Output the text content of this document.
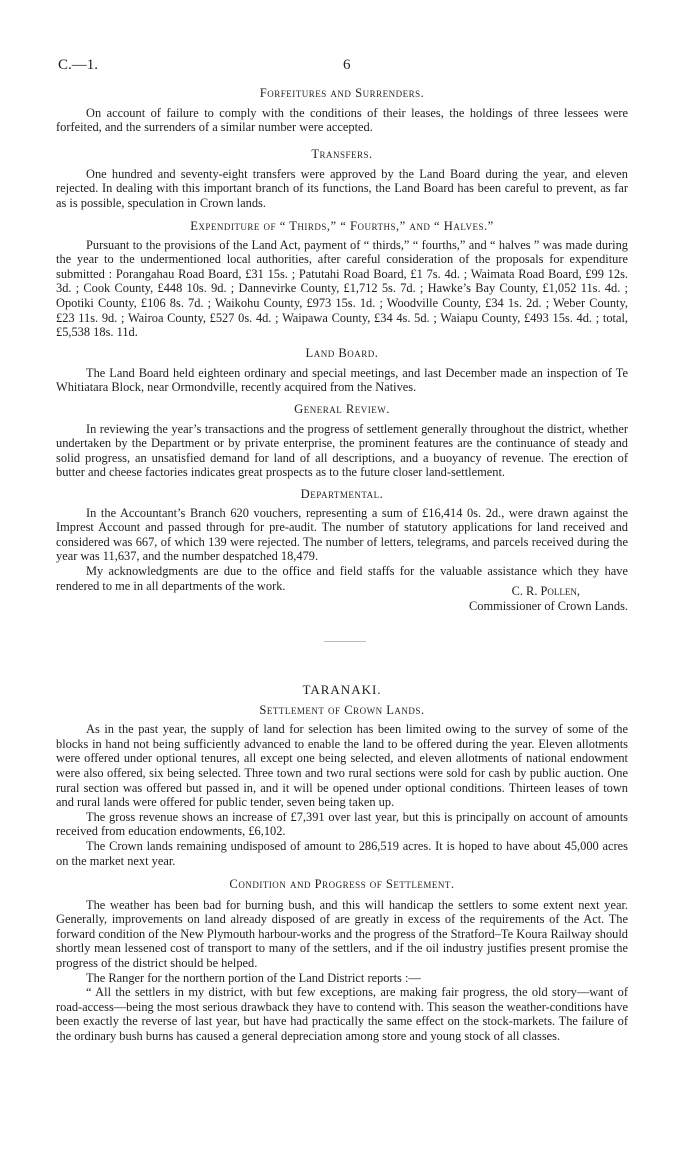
C.—1.	6

Forfeitures and Surrenders.

On account of failure to comply with the conditions of their leases, the holdings of three lessees were forfeited, and the surrenders of a similar number were accepted.

Transfers.

One hundred and seventy-eight transfers were approved by the Land Board during the year, and eleven rejected. In dealing with this important branch of its functions, the Land Board has been careful to prevent, as far as is possible, speculation in Crown lands.

Expenditure of “ Thirds,” “ Fourths,” and “ Halves.”

Pursuant to the provisions of the Land Act, payment of “ thirds,” “ fourths,” and “ halves ” was made during the year to the undermentioned local authorities, after careful consideration of the proposals for expenditure submitted : Porangahau Road Board, £31 15s. ; Patutahi Road Board, £1 7s. 4d. ; Waimata Road Board, £99 12s. 3d. ; Cook County, £448 10s. 9d. ; Dannevirke County, £1,712 5s. 7d. ; Hawke’s Bay County, £1,052 11s. 4d. ; Opotiki County, £106 8s. 7d. ; Waikohu County, £973 15s. 1d. ; Woodville County, £34 1s. 2d. ; Weber County, £23 11s. 9d. ; Wairoa County, £527 0s. 4d. ; Waipawa County, £34 4s. 5d. ; Waiapu County, £493 15s. 4d. ; total, £5,538 18s. 11d.

Land Board.

The Land Board held eighteen ordinary and special meetings, and last December made an inspection of Te Whitiatara Block, near Ormondville, recently acquired from the Natives.

General Review.

In reviewing the year’s transactions and the progress of settlement generally throughout the district, whether undertaken by the Department or by private enterprise, the prominent features are the continuance of steady and solid progress, an unsatisfied demand for land of all descriptions, and a buoyancy of revenue. The erection of butter and cheese factories indicates great prospects as to the future closer land-settlement.

Departmental.

In the Accountant’s Branch 620 vouchers, representing a sum of £16,414 0s. 2d., were drawn against the Imprest Account and passed through for pre-audit. The number of statutory applications for land received and considered was 667, of which 139 were rejected. The number of letters, telegrams, and parcels received during the year was 11,637, and the number despatched 18,479.

My acknowledgments are due to the office and field staffs for the valuable assistance which they have rendered to me in all departments of the work.	C. R. Pollen,

Commissioner of Crown Lands.

TARANAKI.

Settlement of Crown Lands.

As in the past year, the supply of land for selection has been limited owing to the survey of some of the blocks in hand not being sufficiently advanced to enable the land to be offered during the year. Eleven allotments were offered under optional tenures, all except one being selected, and eleven allotments of national endowment were also offered, six being selected. Three town and two rural sections were sold for cash by public auction. One rural section was offered but passed in, and it will be opened under optional conditions. Thirteen leases of town and rural lands were offered for public tender, seven being taken up.

The gross revenue shows an increase of £7,391 over last year, but this is principally on account of amounts received from education endowments, £6,102.

The Crown lands remaining undisposed of amount to 286,519 acres. It is hoped to have about 45,000 acres on the market next year.

Condition and Progress of Settlement.

The weather has been bad for burning bush, and this will handicap the settlers to some extent next year. Generally, improvements on land already disposed of are greatly in excess of the requirements of the Act. The forward condition of the New Plymouth harbour-works and the progress of the Stratford–Te Koura Railway should shortly mean lessened cost of transport to many of the settlers, and if the oil industry justifies present promise the progress of the district should be helped.

The Ranger for the northern portion of the Land District reports :—

“ All the settlers in my district, with but few exceptions, are making fair progress, the old story—want of road-access—being the most serious drawback they have to contend with. This season the weather-conditions have been exactly the reverse of last year, but have had practically the same effect on the stock-markets. The failure of the ordinary bush burns has caused a general depreciation among store and young stock of all classes.
